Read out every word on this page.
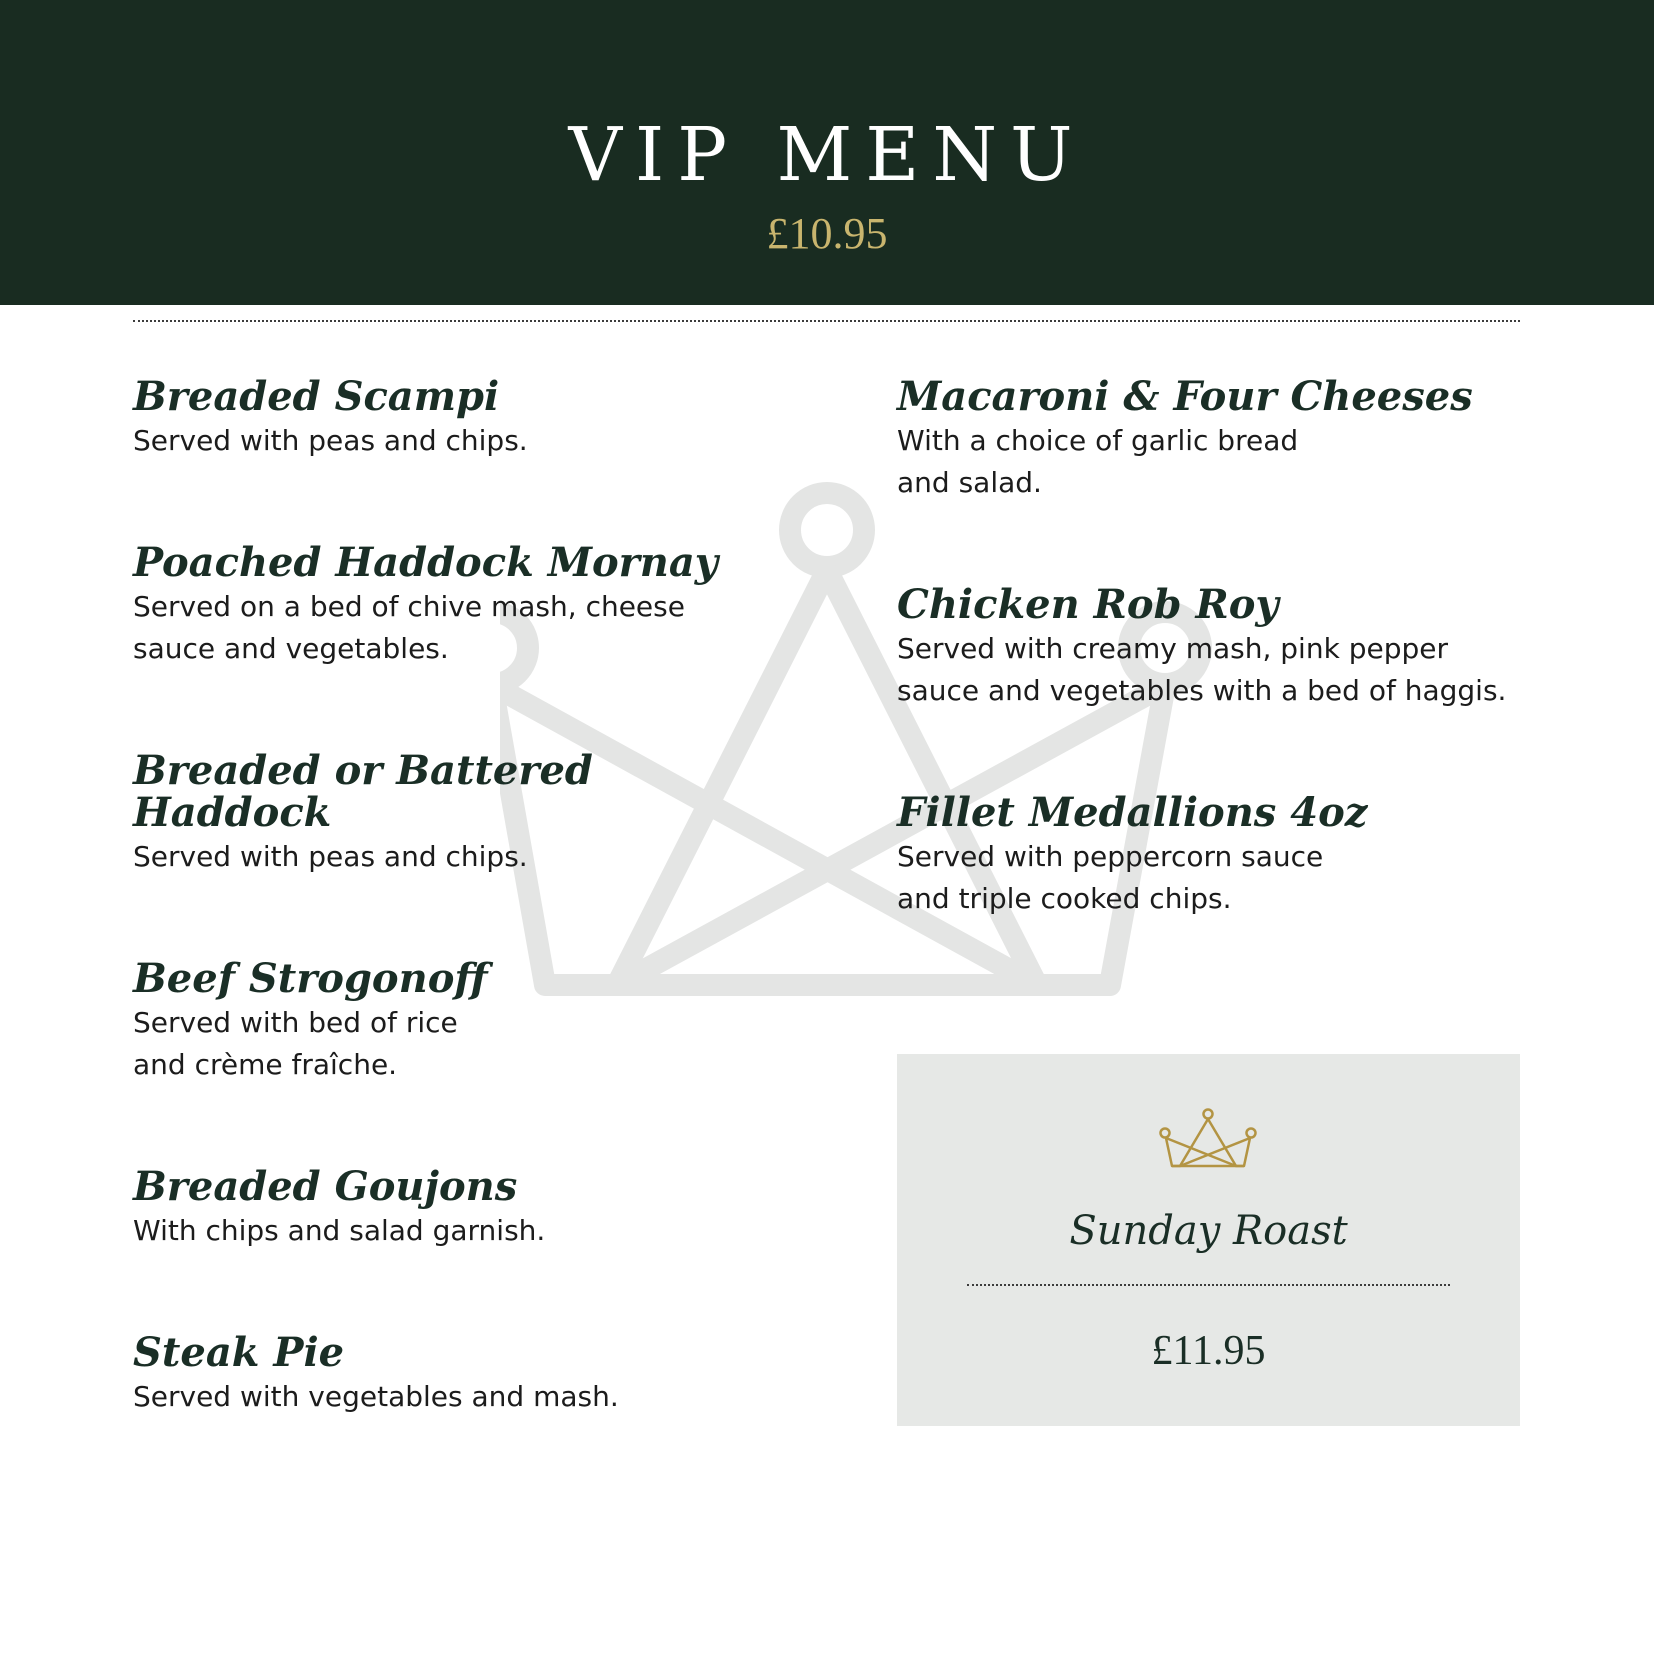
VIP MENU
£10.95
Breaded Scampi

Served with peas and chips.

Poached Haddock Mornay

Served on a bed of chive mash, cheese
sauce and vegetables.

Breaded or Battered
Haddock

Served with peas and chips.

Beef Strogonoff

Served with bed of rice
and crème fraîche.

Breaded Goujons

With chips and salad garnish.

Steak Pie

Served with vegetables and mash.

Macaroni & Four Cheeses

With a choice of garlic bread
and salad.

Chicken Rob Roy

Served with creamy mash, pink pepper
sauce and vegetables with a bed of haggis.

Fillet Medallions 4oz

Served with peppercorn sauce
and triple cooked chips.

Sunday Roast
£11.95
